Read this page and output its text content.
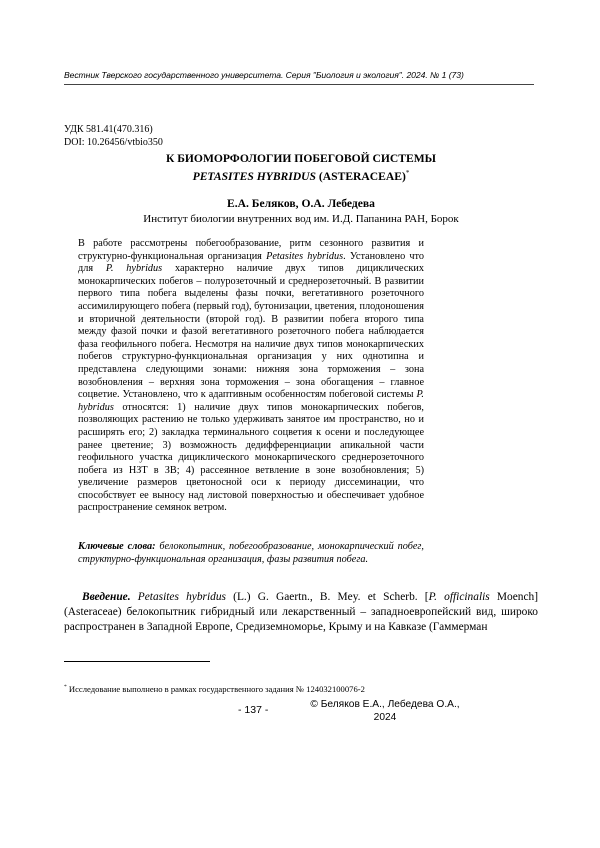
Вестник Тверского государственного университета. Серия "Биология и экология". 2024. № 1 (73)
УДК 581.41(470.316)
DOI: 10.26456/vtbio350
К БИОМОРФОЛОГИИ ПОБЕГОВОЙ СИСТЕМЫ
PETASITES HYBRIDUS (ASTERACEAE)*
Е.А. Беляков, О.А. Лебедева
Институт биологии внутренних вод им. И.Д. Папанина РАН, Борок
В работе рассмотрены побегообразование, ритм сезонного развития и структурно-функциональная организация Petasites hybridus. Установлено что для P. hybridus характерно наличие двух типов дициклических монокарпических побегов – полурозеточный и среднерозеточный. В развитии первого типа побега выделены фазы почки, вегетативного розеточного ассимилирующего побега (первый год), бутонизации, цветения, плодоношения и вторичной деятельности (второй год). В развитии побега второго типа между фазой почки и фазой вегетативного розеточного побега наблюдается фаза геофильного побега. Несмотря на наличие двух типов монокарпических побегов структурно-функциональная организация у них однотипна и представлена следующими зонами: нижняя зона торможения – зона возобновления – верхняя зона торможения – зона обогащения – главное соцветие. Установлено, что к адаптивным особенностям побеговой системы P. hybridus относятся: 1) наличие двух типов монокарпических побегов, позволяющих растению не только удерживать занятое им пространство, но и расширять его; 2) закладка терминального соцветия к осени и последующее ранее цветение; 3) возможность дедифференциации апикальной части геофильного участка дициклического монокарпического среднерозеточного побега из НЗТ в ЗВ; 4) рассеянное ветвление в зоне возобновления; 5) увеличение размеров цветоносной оси к периоду диссеминации, что способствует ее выносу над листовой поверхностью и обеспечивает удобное распространение семянок ветром.
Ключевые слова: белокопытник, побегообразование, монокарпический побег, структурно-функциональная организация, фазы развития побега.
Введение. Petasites hybridus (L.) G. Gaertn., B. Mey. et Scherb. [P. officinalis Moench] (Asteraceae) белокопытник гибридный или лекарственный – западноевропейский вид, широко распространен в Западной Европе, Средиземноморье, Крыму и на Кавказе (Гаммерман
* Исследование выполнено в рамках государственного задания № 124032100076-2
- 137 -	© Беляков Е.А., Лебедева О.А.,
2024
